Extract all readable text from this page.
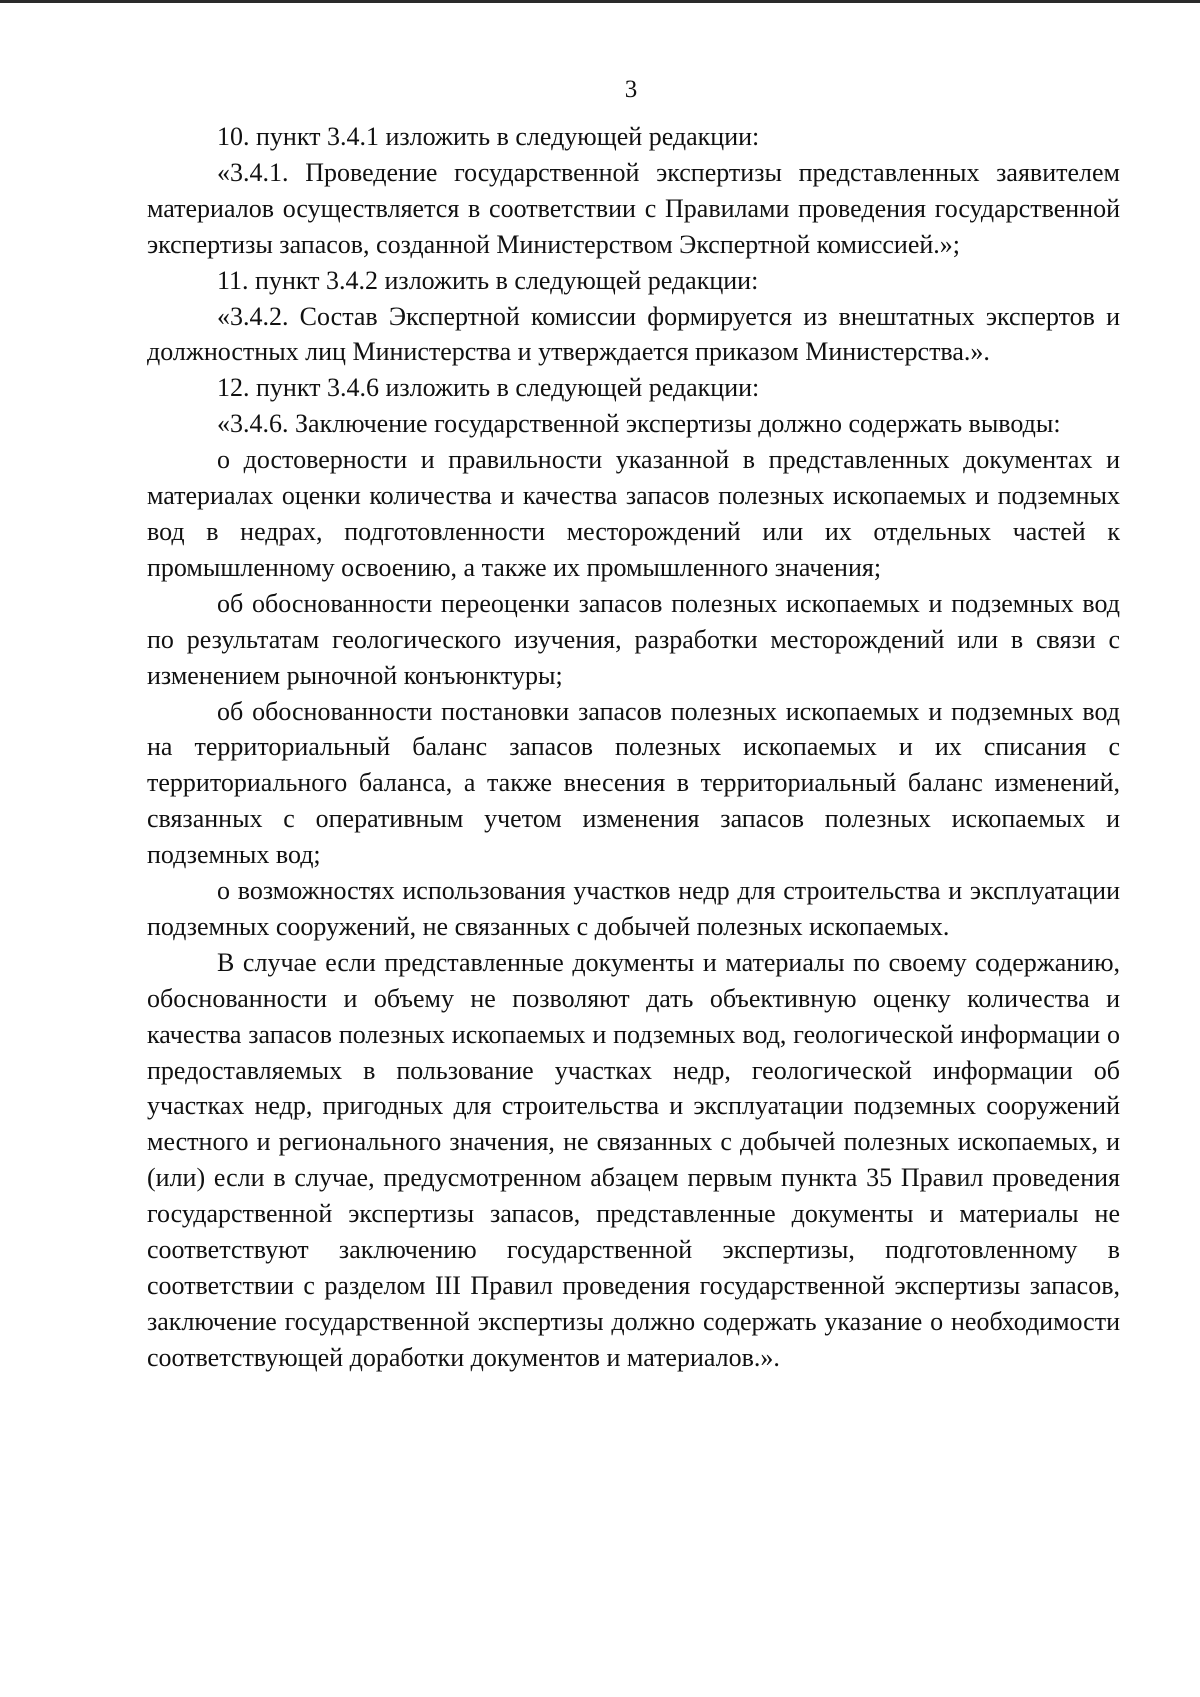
3

10. пункт 3.4.1 изложить в следующей редакции:

«3.4.1. Проведение государственной экспертизы представленных заявителем материалов осуществляется в соответствии с Правилами проведения государственной экспертизы запасов, созданной Министерством Экспертной комиссией.»;

11. пункт 3.4.2 изложить в следующей редакции:

«3.4.2. Состав Экспертной комиссии формируется из внештатных экспертов и должностных лиц Министерства и утверждается приказом Министерства.».

12. пункт 3.4.6 изложить в следующей редакции:

«3.4.6. Заключение государственной экспертизы должно содержать выводы:

о достоверности и правильности указанной в представленных документах и материалах оценки количества и качества запасов полезных ископаемых и подземных вод в недрах, подготовленности месторождений или их отдельных частей к промышленному освоению, а также их промышленного значения;

об обоснованности переоценки запасов полезных ископаемых и подземных вод по результатам геологического изучения, разработки месторождений или в связи с изменением рыночной конъюнктуры;

об обоснованности постановки запасов полезных ископаемых и подземных вод на территориальный баланс запасов полезных ископаемых и их списания с территориального баланса, а также внесения в территориальный баланс изменений, связанных с оперативным учетом изменения запасов полезных ископаемых и подземных вод;

о возможностях использования участков недр для строительства и эксплуатации подземных сооружений, не связанных с добычей полезных ископаемых.

В случае если представленные документы и материалы по своему содержанию, обоснованности и объему не позволяют дать объективную оценку количества и качества запасов полезных ископаемых и подземных вод, геологической информации о предоставляемых в пользование участках недр, геологической информации об участках недр, пригодных для строительства и эксплуатации подземных сооружений местного и регионального значения, не связанных с добычей полезных ископаемых, и (или) если в случае, предусмотренном абзацем первым пункта 35 Правил проведения государственной экспертизы запасов, представленные документы и материалы не соответствуют заключению государственной экспертизы, подготовленному в соответствии с разделом III Правил проведения государственной экспертизы запасов, заключение государственной экспертизы должно содержать указание о необходимости соответствующей доработки документов и материалов.».
